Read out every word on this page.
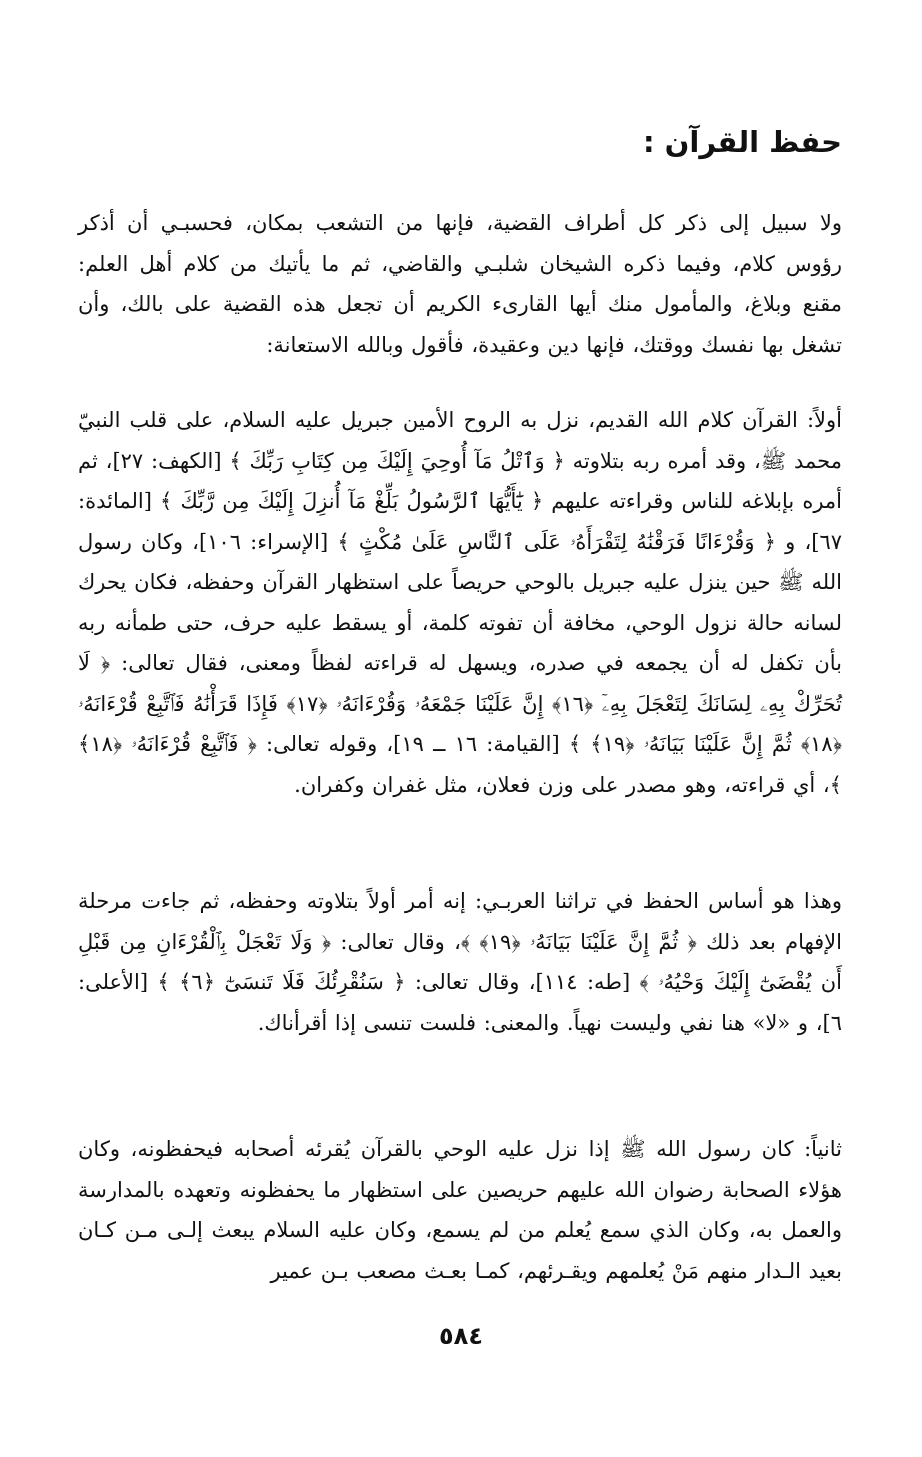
حفظ القرآن :

ولا سبيل إلى ذكر كل أطراف القضية، فإنها من التشعب بمكان، فحسبـي أن أذكر رؤوس كلام، وفيما ذكره الشيخان شلبـي والقاضي، ثم ما يأتيك من كلام أهل العلم: مقنع وبلاغ، والمأمول منك أيها القارىء الكريم أن تجعل هذه القضية على بالك، وأن تشغل بها نفسك ووقتك، فإنها دين وعقيدة، فأقول وبالله الاستعانة:

أولاً: القرآن كلام الله القديم، نزل به الروح الأمين جبريل عليه السلام، على قلب النبيّ محمد ﷺ، وقد أمره ربه بتلاوته ﴿ وَٱتْلُ مَآ أُوحِيَ إِلَيْكَ مِن كِتَابِ رَبِّكَ ﴾ [الكهف: ٢٧]، ثم أمره بإبلاغه للناس وقراءته عليهم ﴿ يَٰٓأَيُّهَا ٱلرَّسُولُ بَلِّغْ مَآ أُنزِلَ إِلَيْكَ مِن رَّبِّكَ ﴾ [المائدة: ٦٧]، و ﴿ وَقُرْءَانًا فَرَقْنَٰهُ لِتَقْرَأَهُۥ عَلَى ٱلنَّاسِ عَلَىٰ مُكْثٍ ﴾ [الإسراء: ١٠٦]، وكان رسول الله ﷺ حين ينزل عليه جبريل بالوحي حريصاً على استظهار القرآن وحفظه، فكان يحرك لسانه حالة نزول الوحي، مخافة أن تفوته كلمة، أو يسقط عليه حرف، حتى طمأنه ربه بأن تكفل له أن يجمعه في صدره، ويسهل له قراءته لفظاً ومعنى، فقال تعالى: ﴿ لَا تُحَرِّكْ بِهِۦ لِسَانَكَ لِتَعْجَلَ بِهِۦٓ ﴿١٦﴾ إِنَّ عَلَيْنَا جَمْعَهُۥ وَقُرْءَانَهُۥ ﴿١٧﴾ فَإِذَا قَرَأْنَٰهُ فَٱتَّبِعْ قُرْءَانَهُۥ ﴿١٨﴾ ثُمَّ إِنَّ عَلَيْنَا بَيَانَهُۥ ﴿١٩﴾ ﴾ [القيامة: ١٦ ــ ١٩]، وقوله تعالى: ﴿ فَٱتَّبِعْ قُرْءَانَهُۥ ﴿١٨﴾ ﴾، أي قراءته، وهو مصدر على وزن فعلان، مثل غفران وكفران.

وهذا هو أساس الحفظ في تراثنا العربـي: إنه أمر أولاً بتلاوته وحفظه، ثم جاءت مرحلة الإفهام بعد ذلك ﴿ ثُمَّ إِنَّ عَلَيْنَا بَيَانَهُۥ ﴿١٩﴾ ﴾، وقال تعالى: ﴿ وَلَا تَعْجَلْ بِٱلْقُرْءَانِ مِن قَبْلِ أَن يُقْضَىٰٓ إِلَيْكَ وَحْيُهُۥ ﴾ [طه: ١١٤]، وقال تعالى: ﴿ سَنُقْرِئُكَ فَلَا تَنسَىٰٓ ﴿٦﴾ ﴾ [الأعلى: ٦]، و «لا» هنا نفي وليست نهياً. والمعنى: فلست تنسى إذا أقرأناك.

ثانياً: كان رسول الله ﷺ إذا نزل عليه الوحي بالقرآن يُقرئه أصحابه فيحفظونه، وكان هؤلاء الصحابة رضوان الله عليهم حريصين على استظهار ما يحفظونه وتعهده بالمدارسة والعمل به، وكان الذي سمع يُعلم من لم يسمع، وكان عليه السلام يبعث إلـى مـن كـان بعيد الـدار منهم مَنْ يُعلمهم ويقـرئهم، كمـا بعـث مصعب بـن عمير

٥٨٤
